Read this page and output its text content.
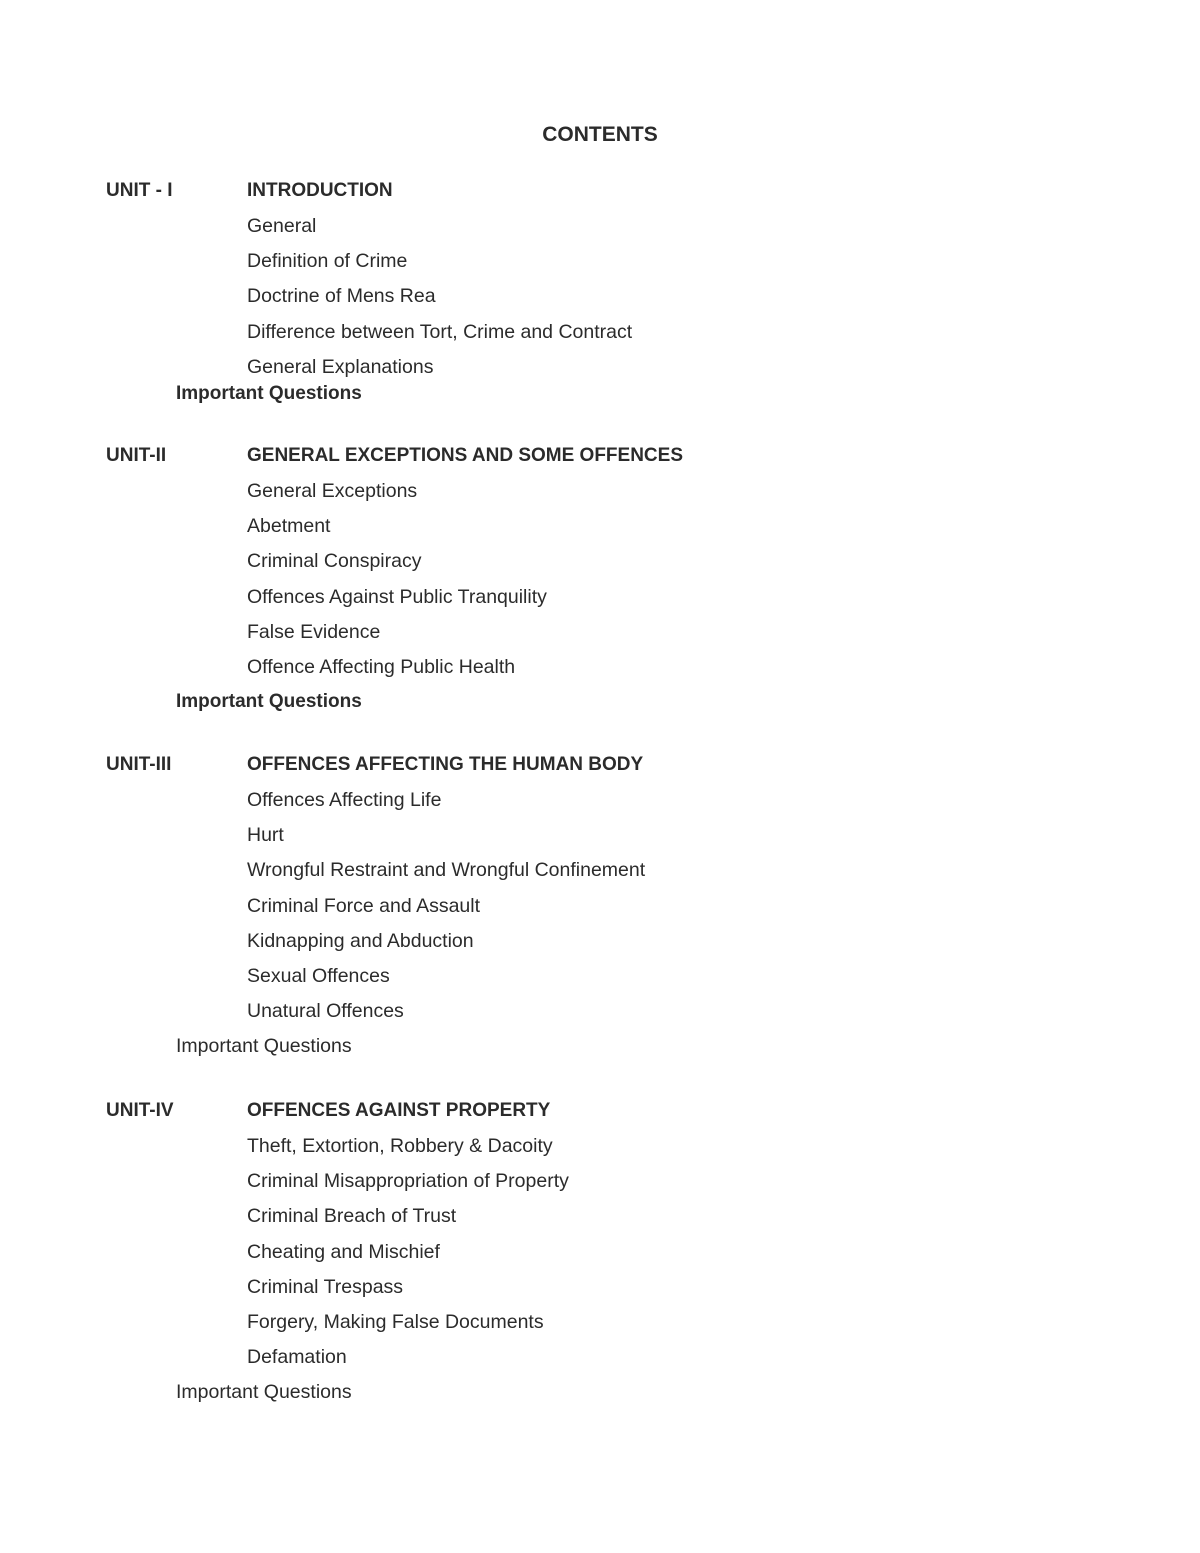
CONTENTS
UNIT - I	INTRODUCTION
General
Definition of Crime
Doctrine of Mens Rea
Difference between Tort, Crime and Contract
General Explanations
Important Questions
UNIT-II	GENERAL EXCEPTIONS AND SOME OFFENCES
General Exceptions
Abetment
Criminal Conspiracy
Offences Against Public Tranquility
False Evidence
Offence Affecting Public Health
Important Questions
UNIT-III	OFFENCES AFFECTING THE HUMAN BODY
Offences Affecting Life
Hurt
Wrongful Restraint and Wrongful Confinement
Criminal Force and Assault
Kidnapping and Abduction
Sexual Offences
Unatural Offences
Important Questions
UNIT-IV	OFFENCES AGAINST PROPERTY
Theft, Extortion, Robbery & Dacoity
Criminal Misappropriation of Property
Criminal Breach of Trust
Cheating and Mischief
Criminal Trespass
Forgery, Making False Documents
Defamation
Important Questions
